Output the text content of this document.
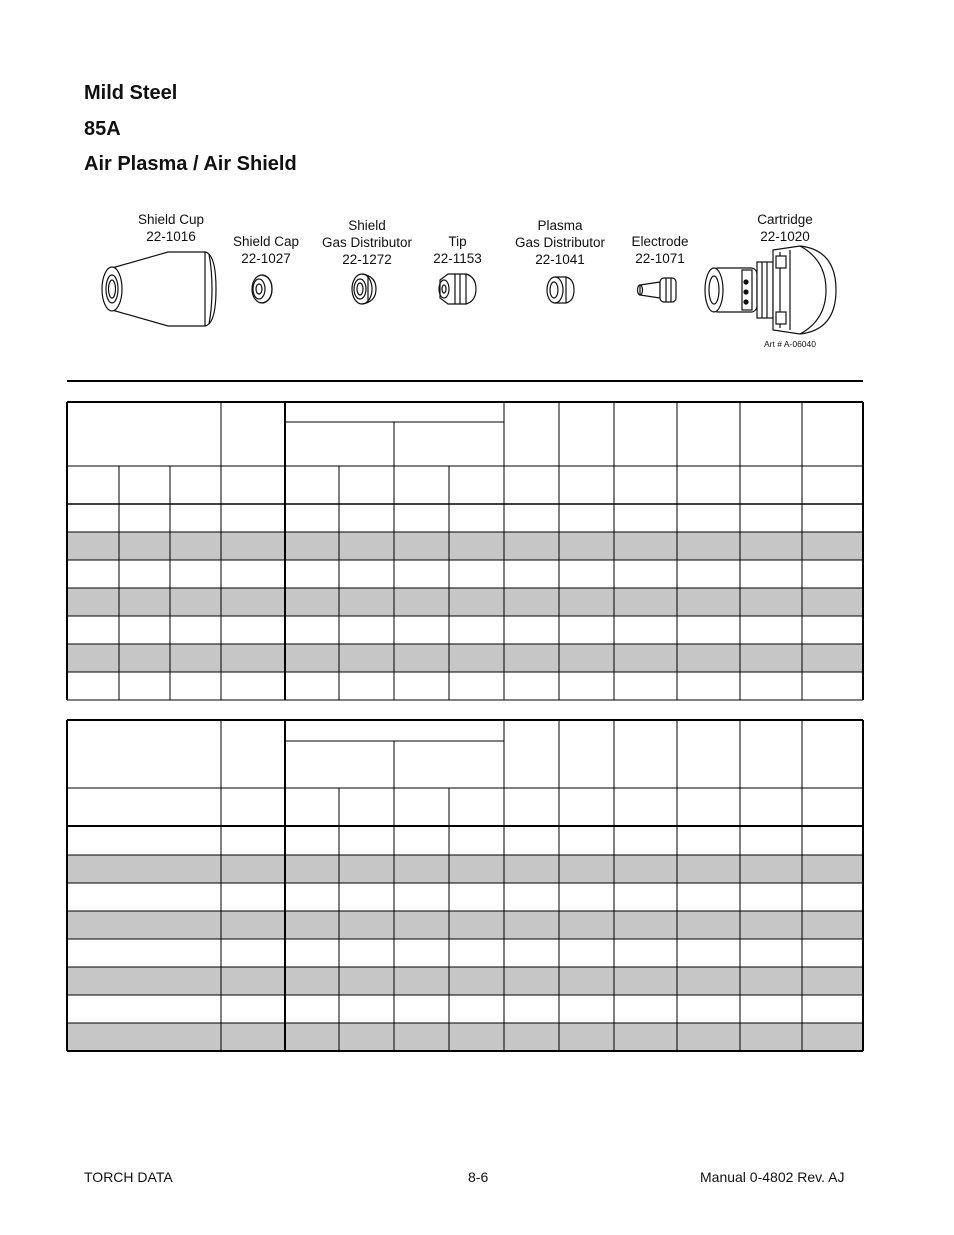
Mild Steel
85A
Air Plasma / Air Shield
Shield Cup
22-1016	Shield Cap
22-1027
Shield
Gas Distributor
22-1272
Tip
22-1153
Plasma
Gas Distributor
22-1041
Electrode
22-1071
Cartridge
22-1020
Art # A-06040
TORCH DATA	8-6	Manual 0-4802 Rev. AJ
